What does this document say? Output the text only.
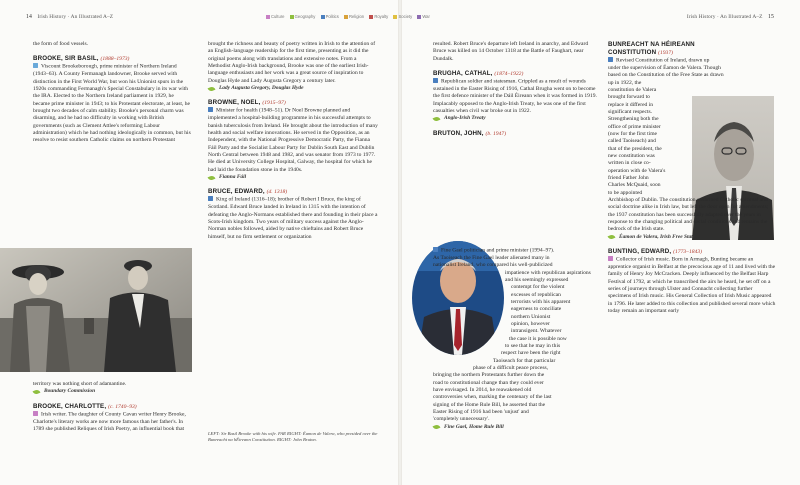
14 Irish History · An Illustrated A–Z	Culture Geography Politics Religion Royalty Society War	Irish History · An Illustrated A–Z 15

the form of food vessels.

BROOKE, SIR BASIL, (1888–1973)

Viscount Brookeborough, prime minister of Northern Ireland (1943–63). A County Fermanagh landowner, Brooke served with distinction in the First World War, but won his Unionist spurs in the 1920s commanding Fermanagh's Special Constabulary in its war with the IRA. Elected to the Northern Ireland parliament in 1929, he became prime minister in 1943; to his Protestant electorate, at least, he brought two decades of calm stability. Brooke's personal charm was disarming, and he had no difficulty in working with British governments (such as Clement Attlee's reforming Labour administration) which he had nothing ideologically in common, but his resolve to resist southern Catholic claims on northern Protestant

territory was nothing short of adamantine.

Boundary Commission
BROOKE, CHARLOTTE, (c. 1740–93)

Irish writer. The daughter of County Cavan writer Henry Brooke, Charlotte's literary works are now more famous than her father's. In 1789 she published Reliques of Irish Poetry, an influential book that

brought the richness and beauty of poetry written in Irish to the attention of an English-language readership for the first time, presenting as it did the original poems along with translations and extensive notes. From a Methodist Anglo-Irish background, Brooke was one of the earliest Irish-language enthusiasts and her work was a great source of inspiration to Douglas Hyde and Lady Augusta Gregory a century later.

Lady Augusta Gregory, Douglas Hyde
BROWNE, NOEL, (1915–97)

Minister for health (1948–51). Dr Noel Browne planned and implemented a hospital-building programme in his successful attempts to banish tuberculosis from Ireland. He brought about the introduction of many health and social welfare innovations. He served in the Opposition, as an Independent, with the National Progressive Democratic Party, the Fianna Fáil Party and the Socialist Labour Party for Dublin South East and Dublin North Central between 1948 and 1982, and was senator from 1973 to 1977. He died at University College Hospital, Galway, the hospital for which he had laid the foundation stone in the 1940s.

Fianna Fáil
BRUCE, EDWARD, (d. 1318)

King of Ireland (1316–18); brother of Robert I Bruce, the king of Scotland. Edward Bruce landed in Ireland in 1315 with the intention of defeating the Anglo-Normans established there and founding in their place a Scots-Irish kingdom. Two years of military success against the Anglo-Norman nobles followed, aided by native chieftains and Robert Bruce himself, but no firm settlement or organization

LEFT: Sir Basil Brooke with his wife. FAR RIGHT: Éamon de Valera, who presided over the Bunreacht na hÉireann Constitution. RIGHT: John Bruton.

resulted. Robert Bruce's departure left Ireland in anarchy, and Edward Bruce was killed on 14 October 1318 at the Battle of Faughart, near Dundalk.

BRUGHA, CATHAL, (1874–1922)

Republican soldier and statesman. Crippled as a result of wounds sustained in the Easter Rising of 1916, Cathal Brugha went on to become the first defence minister of the Dáil Éireann when it was formed in 1919. Implacably opposed to the Anglo-Irish Treaty, he was one of the first casualties when civil war broke out in 1922.

Anglo-Irish Treaty
BRUTON, JOHN, (b. 1947)
Fine Gael politician and prime minister (1994–97).
As Taoiseach the Fine Gael leader alienated many in
nationalist Ireland, who compared his well-publicized
impatience with republican aspirations
and his seemingly expressed
contempt for the violent
excesses of republican
terrorists with his apparent
eagerness to conciliate
northern Unionist
opinion, however
intransigent. Whatever
the case it is possible now
to see that he may in this
respect have been the right
Taoiseach for that particular
phase of a difficult peace process,
bringing the northern Protestants further down the
road to constitutional change than they could ever
have envisaged. In 2014, he reawakened old
controversies when, marking the centenary of the last
signing of the Home Rule Bill, he asserted that the
Easter Rising of 1916 had been 'unjust' and
'completely unnecessary'.
Fine Gael, Home Rule Bill
BUNREACHT NA HÉIREANN
CONSTITUTION (1937)
Revised Constitution of Ireland, drawn up
under the supervision of Éamon de Valera. Though
based on the Constitution of the Free State as drawn
up in 1922, the
constitution de Valera
brought forward to
replace it differed in
significant respects.
Strengthening both the
office of prime minister
(now for the first time
called Taoiseach) and
that of the president, the
new constitution was
written in close co-
operation with de Valera's
friend Father John
Charles McQuaid, soon
to be appointed

Archbishop of Dublin. The constitution enshrined Catholic spiritual and social doctrine alike in Irish law, but left the door open for amendments; the 1937 constitution has been successfully adapted over the years in response to the changing political and social conditions and remains the bedrock of the Irish state.

Éamon de Valera, Irish Free State
BUNTING, EDWARD, (1773–1843)

Collector of Irish music. Born in Armagh, Bunting became an apprentice organist in Belfast at the precocious age of 11 and lived with the family of Henry Joy McCracken. Deeply influenced by the Belfast Harp Festival of 1792, at which he transcribed the airs he heard, he set off on a series of journeys through Ulster and Connacht collecting further specimens of Irish music. His General Collection of Irish Music appeared in 1796. He later added to this collection and published several more which today remain an important early
